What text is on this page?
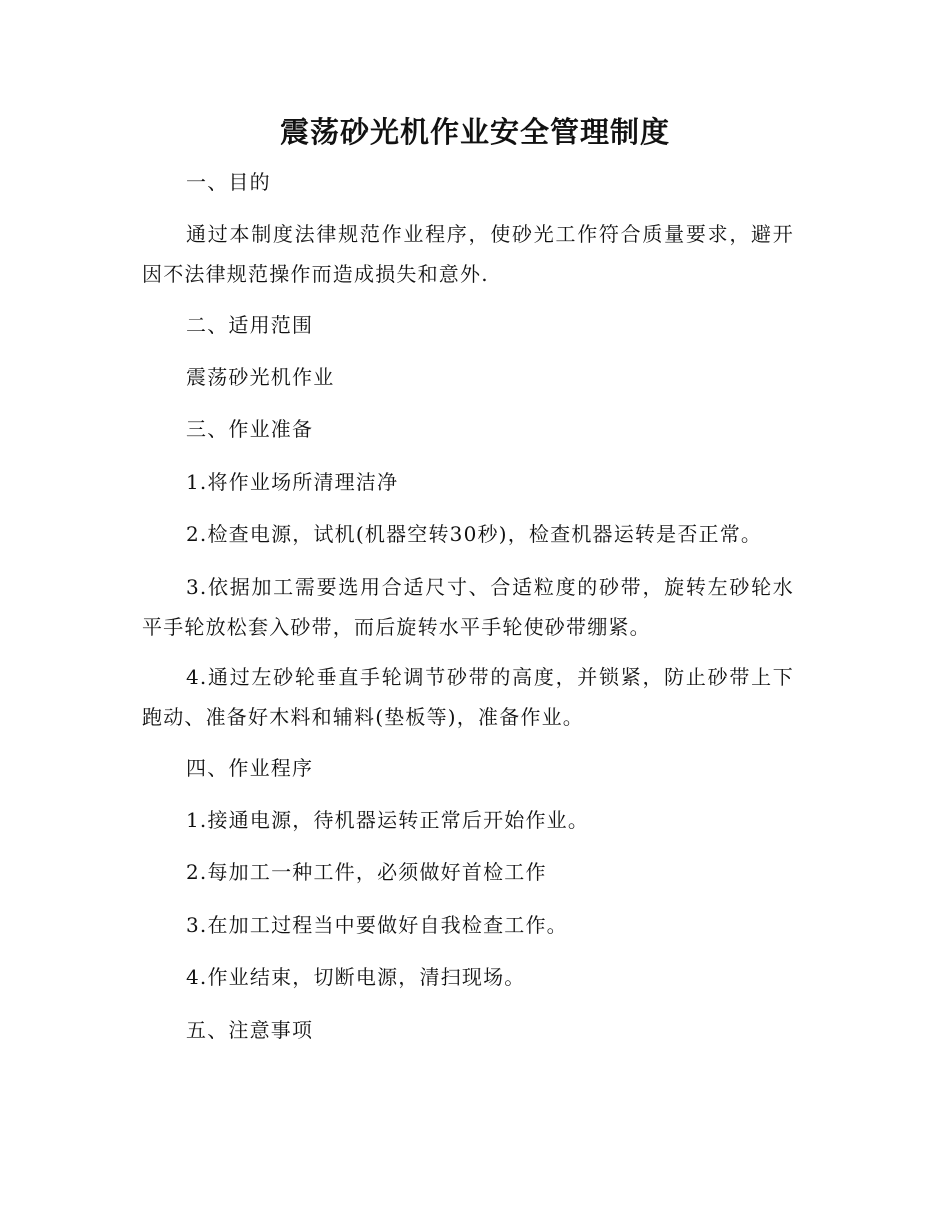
震荡砂光机作业安全管理制度
一、目的
通过本制度法律规范作业程序，使砂光工作符合质量要求，避开因不法律规范操作而造成损失和意外.
二、适用范围
震荡砂光机作业
三、作业准备
1.将作业场所清理洁净
2.检查电源，试机(机器空转30秒)，检查机器运转是否正常。
3.依据加工需要选用合适尺寸、合适粒度的砂带，旋转左砂轮水平手轮放松套入砂带，而后旋转水平手轮使砂带绷紧。
4.通过左砂轮垂直手轮调节砂带的高度，并锁紧，防止砂带上下跑动、准备好木料和辅料(垫板等)，准备作业。
四、作业程序
1.接通电源，待机器运转正常后开始作业。
2.每加工一种工件，必须做好首检工作
3.在加工过程当中要做好自我检查工作。
4.作业结束，切断电源，清扫现场。
五、注意事项
